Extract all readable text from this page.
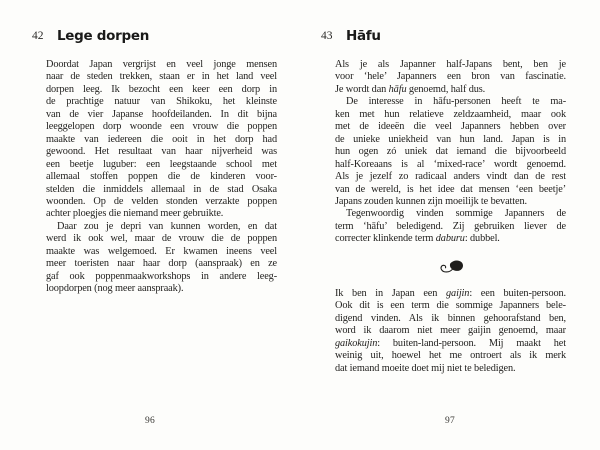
42 Lege dorpen
Doordat Japan vergrijst en veel jonge mensen
naar de steden trekken, staan er in het land veel
dorpen leeg. Ik bezocht een keer een dorp in
de prachtige natuur van Shikoku, het kleinste
van de vier Japanse hoofdeilanden. In dit bijna
leeggelopen dorp woonde een vrouw die poppen
maakte van iedereen die ooit in het dorp had
gewoond. Het resultaat van haar nijverheid was
een beetje luguber: een leegstaande school met
allemaal stoffen poppen die de kinderen voor-
stelden die inmiddels allemaal in de stad Osaka
woonden. Op de velden stonden verzakte poppen
achter ploegjes die niemand meer gebruikte.
Daar zou je depri van kunnen worden, en dat
werd ik ook wel, maar de vrouw die de poppen
maakte was welgemoed. Er kwamen ineens veel
meer toeristen naar haar dorp (aanspraak) en ze
gaf ook poppenmaakworkshops in andere leeg-
loopdorpen (nog meer aanspraak).
43 Hāfu
Als je als Japanner half-Japans bent, ben je
voor ‘hele’ Japanners een bron van fascinatie.
Je wordt dan hāfu genoemd, half dus.
De interesse in hāfu-personen heeft te ma-
ken met hun relatieve zeldzaamheid, maar ook
met de ideeën die veel Japanners hebben over
de unieke uniekheid van hun land. Japan is in
hun ogen zó uniek dat iemand die bijvoorbeeld
half-Koreaans is al ‘mixed-race’ wordt genoemd.
Als je jezelf zo radicaal anders vindt dan de rest
van de wereld, is het idee dat mensen ‘een beetje’
Japans zouden kunnen zijn moeilijk te bevatten.
Tegenwoordig vinden sommige Japanners de
term ‘hāfu’ beledigend. Zij gebruiken liever de
correcter klinkende term daburu: dubbel.
Ik ben in Japan een gaijin: een buiten-persoon.
Ook dit is een term die sommige Japanners bele-
digend vinden. Als ik binnen gehoorafstand ben,
word ik daarom niet meer gaijin genoemd, maar
gaikokujin: buiten-land-persoon. Mij maakt het
weinig uit, hoewel het me ontroert als ik merk
dat iemand moeite doet mij niet te beledigen.
96	97
